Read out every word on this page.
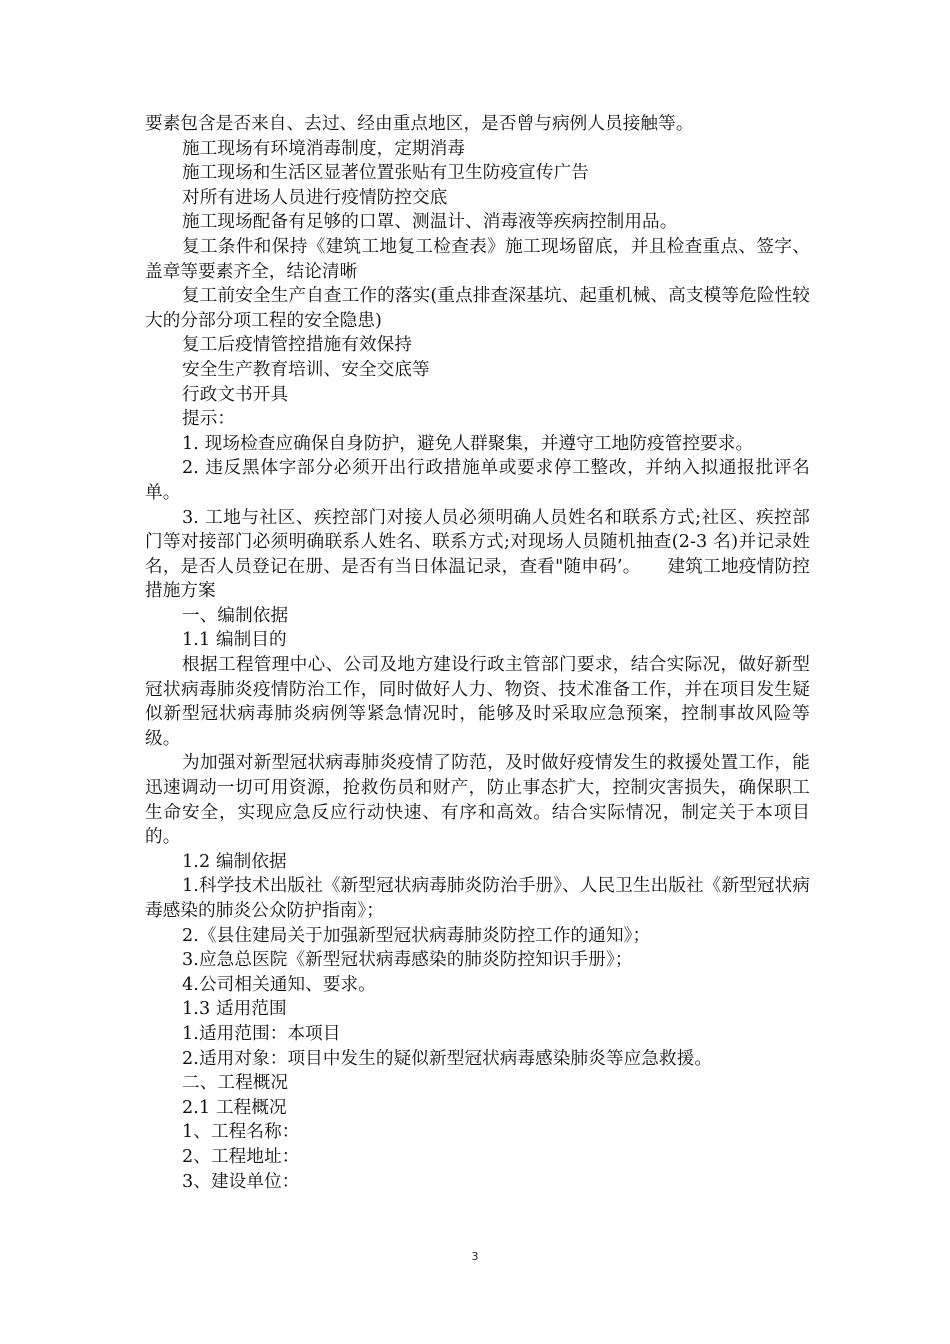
要素包含是否来自、去过、经由重点地区，是否曾与病例人员接触等。

施工现场有环境消毒制度，定期消毒

施工现场和生活区显著位置张贴有卫生防疫宣传广告

对所有进场人员进行疫情防控交底

施工现场配备有足够的口罩、测温计、消毒液等疾病控制用品。

复工条件和保持《建筑工地复工检查表》施工现场留底，并且检查重点、签字、盖章等要素齐全，结论清晰

复工前安全生产自查工作的落实(重点排查深基坑、起重机械、高支模等危险性较大的分部分项工程的安全隐患)

复工后疫情管控措施有效保持

安全生产教育培训、安全交底等

行政文书开具

提示：

1. 现场检查应确保自身防护，避免人群聚集，并遵守工地防疫管控要求。

2. 违反黑体字部分必须开出行政措施单或要求停工整改，并纳入拟通报批评名单。

3. 工地与社区、疾控部门对接人员必须明确人员姓名和联系方式;社区、疾控部门等对接部门必须明确联系人姓名、联系方式;对现场人员随机抽查(2-3 名)并记录姓名，是否人员登记在册、是否有当日体温记录，查看"随申码’。　　建筑工地疫情防控措施方案

一、编制依据

1.1 编制目的

根据工程管理中心、公司及地方建设行政主管部门要求，结合实际况，做好新型冠状病毒肺炎疫情防治工作，同时做好人力、物资、技术准备工作，并在项目发生疑似新型冠状病毒肺炎病例等紧急情况时，能够及时采取应急预案，控制事故风险等级。

为加强对新型冠状病毒肺炎疫情了防范，及时做好疫情发生的救援处置工作，能迅速调动一切可用资源，抢救伤员和财产，防止事态扩大，控制灾害损失，确保职工生命安全，实现应急反应行动快速、有序和高效。结合实际情况，制定关于本项目的。

1.2 编制依据

1.科学技术出版社《新型冠状病毒肺炎防治手册》、人民卫生出版社《新型冠状病毒感染的肺炎公众防护指南》；

2.《县住建局关于加强新型冠状病毒肺炎防控工作的通知》；

3.应急总医院《新型冠状病毒感染的肺炎防控知识手册》；

4.公司相关通知、要求。

1.3 适用范围

1.适用范围：本项目

2.适用对象：项目中发生的疑似新型冠状病毒感染肺炎等应急救援。

二、工程概况

2.1 工程概况

1、工程名称：

2、工程地址：

3、建设单位：

3
